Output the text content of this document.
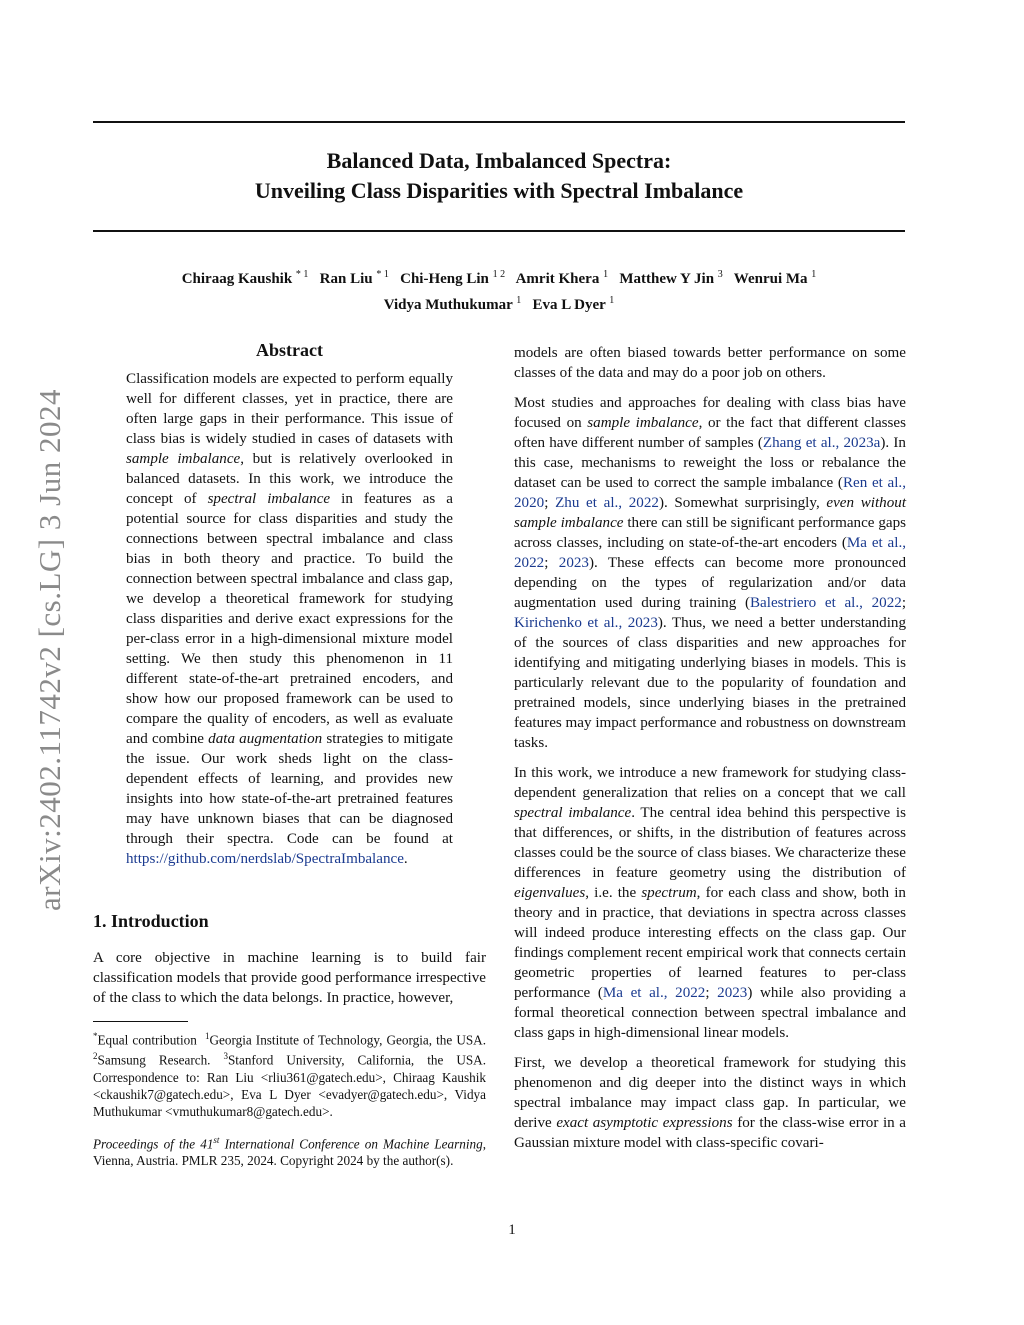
Balanced Data, Imbalanced Spectra:
Unveiling Class Disparities with Spectral Imbalance
Chiraag Kaushik $^{* 1}$ Ran Liu $^{* 1}$ Chi-Heng Lin $^{1 2}$ Amrit Khera $^1$ Matthew Y Jin $^3$ Wenrui Ma $^1$
Vidya Muthukumar $^1$ Eva L Dyer $^1$
arXiv:2402.11742v2 [cs.LG] 3 Jun 2024
Abstract

Classification models are expected to perform equally well for different classes, yet in practice, there are often large gaps in their performance. This issue of class bias is widely studied in cases of datasets with sample imbalance, but is relatively overlooked in balanced datasets. In this work, we introduce the concept of spectral imbalance in features as a potential source for class disparities and study the connections between spectral imbalance and class bias in both theory and practice. To build the connection between spectral imbalance and class gap, we develop a theoretical framework for studying class disparities and derive exact expressions for the per-class error in a high-dimensional mixture model setting. We then study this phenomenon in 11 different state-of-the-art pretrained encoders, and show how our proposed framework can be used to compare the quality of encoders, as well as evaluate and combine data augmentation strategies to mitigate the issue. Our work sheds light on the class-dependent effects of learning, and provides new insights into how state-of-the-art pretrained features may have unknown biases that can be diagnosed through their spectra. Code can be found at https://github.com/nerdslab/SpectraImbalance.

1. Introduction

A core objective in machine learning is to build fair classification models that provide good performance irrespective of the class to which the data belongs. In practice, however,

*Equal contribution $^1$Georgia Institute of Technology, Georgia, the USA. $^2$Samsung Research. $^3$Stanford University, California, the USA. Correspondence to: Ran Liu <rliu361@gatech.edu>, Chiraag Kaushik <ckaushik7@gatech.edu>, Eva L Dyer <evadyer@gatech.edu>, Vidya Muthukumar <vmuthukumar8@gatech.edu>.

Proceedings of the 41st International Conference on Machine Learning, Vienna, Austria. PMLR 235, 2024. Copyright 2024 by the author(s).

models are often biased towards better performance on some classes of the data and may do a poor job on others.

Most studies and approaches for dealing with class bias have focused on sample imbalance, or the fact that different classes often have different number of samples (Zhang et al., 2023a). In this case, mechanisms to reweight the loss or rebalance the dataset can be used to correct the sample imbalance (Ren et al., 2020; Zhu et al., 2022). Somewhat surprisingly, even without sample imbalance there can still be significant performance gaps across classes, including on state-of-the-art encoders (Ma et al., 2022; 2023). These effects can become more pronounced depending on the types of regularization and/or data augmentation used during training (Balestriero et al., 2022; Kirichenko et al., 2023). Thus, we need a better understanding of the sources of class disparities and new approaches for identifying and mitigating underlying biases in models. This is particularly relevant due to the popularity of foundation and pretrained models, since underlying biases in the pretrained features may impact performance and robustness on downstream tasks.

In this work, we introduce a new framework for studying class-dependent generalization that relies on a concept that we call spectral imbalance. The central idea behind this perspective is that differences, or shifts, in the distribution of features across classes could be the source of class biases. We characterize these differences in feature geometry using the distribution of eigenvalues, i.e. the spectrum, for each class and show, both in theory and in practice, that deviations in spectra across classes will indeed produce interesting effects on the class gap. Our findings complement recent empirical work that connects certain geometric properties of learned features to per-class performance (Ma et al., 2022; 2023) while also providing a formal theoretical connection between spectral imbalance and class gaps in high-dimensional linear models.

First, we develop a theoretical framework for studying this phenomenon and dig deeper into the distinct ways in which spectral imbalance may impact class gap. In particular, we derive exact asymptotic expressions for the class-wise error in a Gaussian mixture model with class-specific covari-

1
